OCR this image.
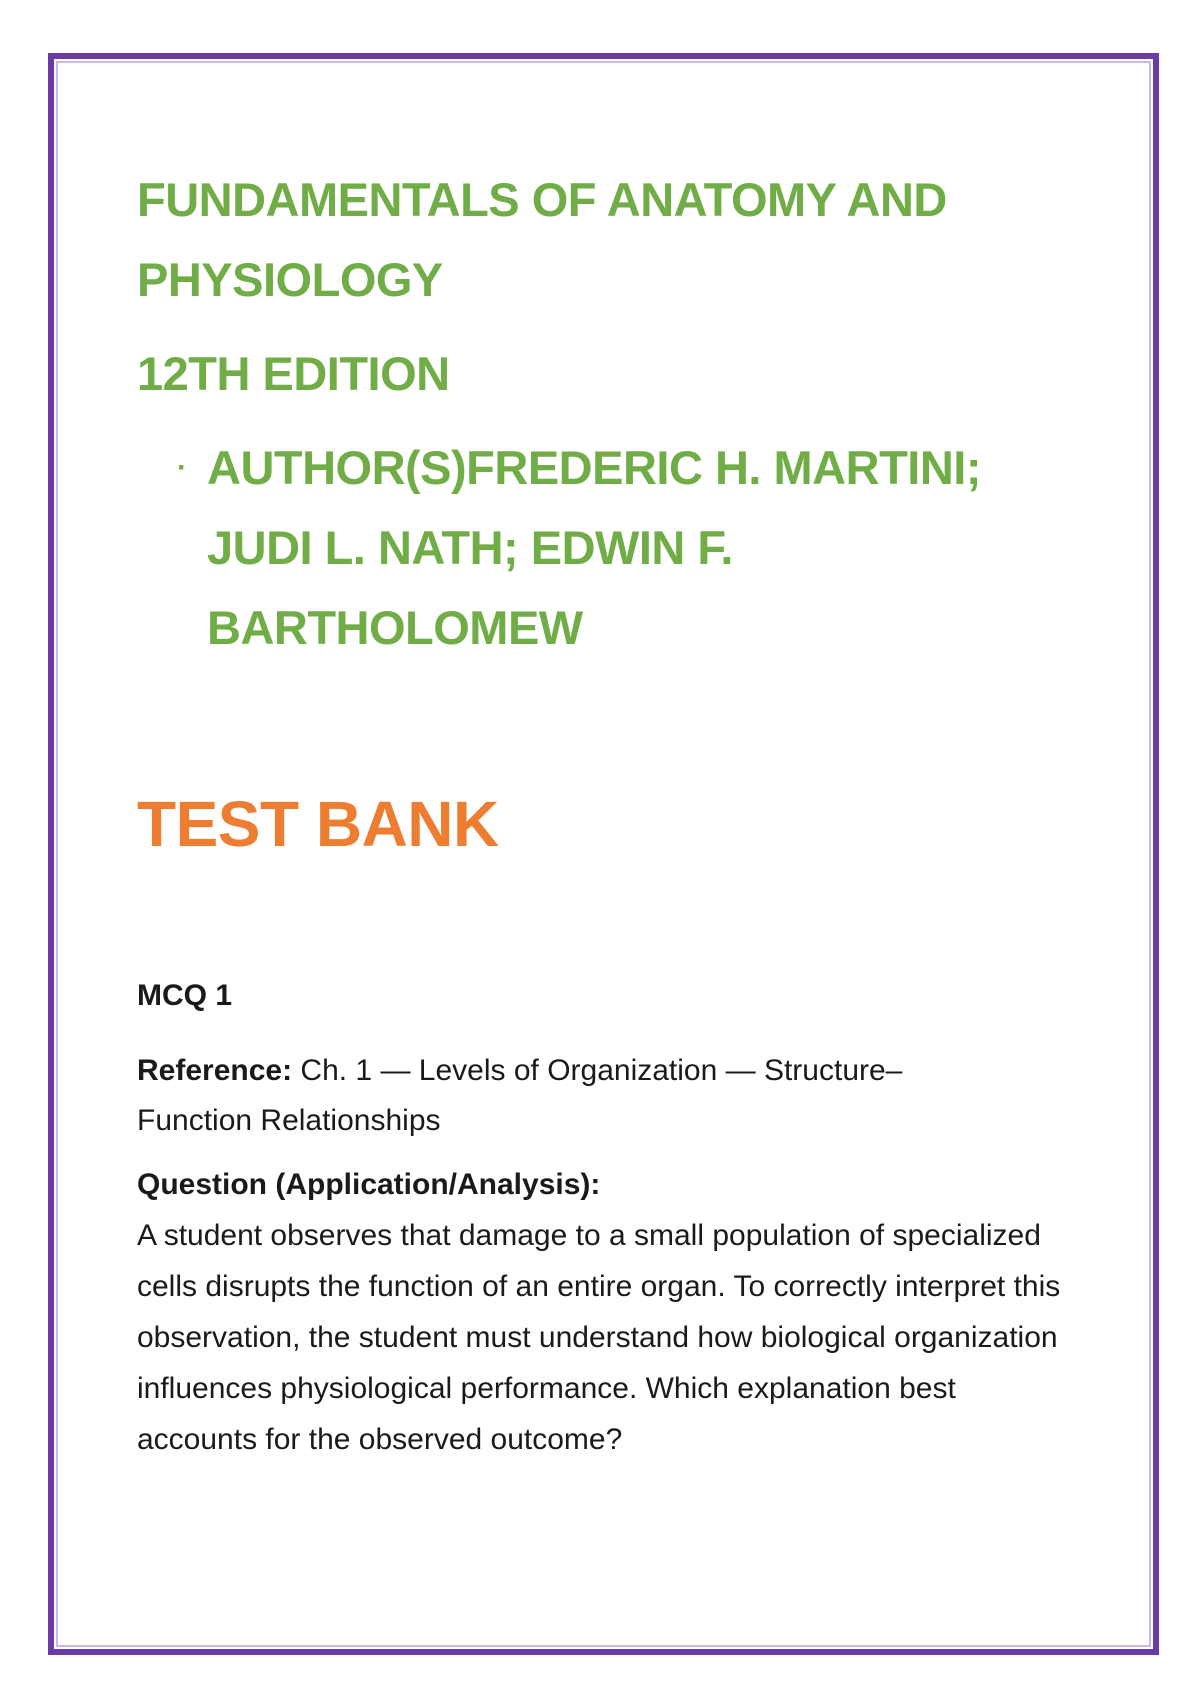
FUNDAMENTALS OF ANATOMY AND
PHYSIOLOGY
12TH EDITION
· AUTHOR(S)FREDERIC H. MARTINI;
JUDI L. NATH; EDWIN F.
BARTHOLOMEW
TEST BANK
MCQ 1
Reference: Ch. 1 — Levels of Organization — Structure–Function Relationships
Question (Application/Analysis):
A student observes that damage to a small population of specialized cells disrupts the function of an entire organ. To correctly interpret this observation, the student must understand how biological organization influences physiological performance. Which explanation best accounts for the observed outcome?
